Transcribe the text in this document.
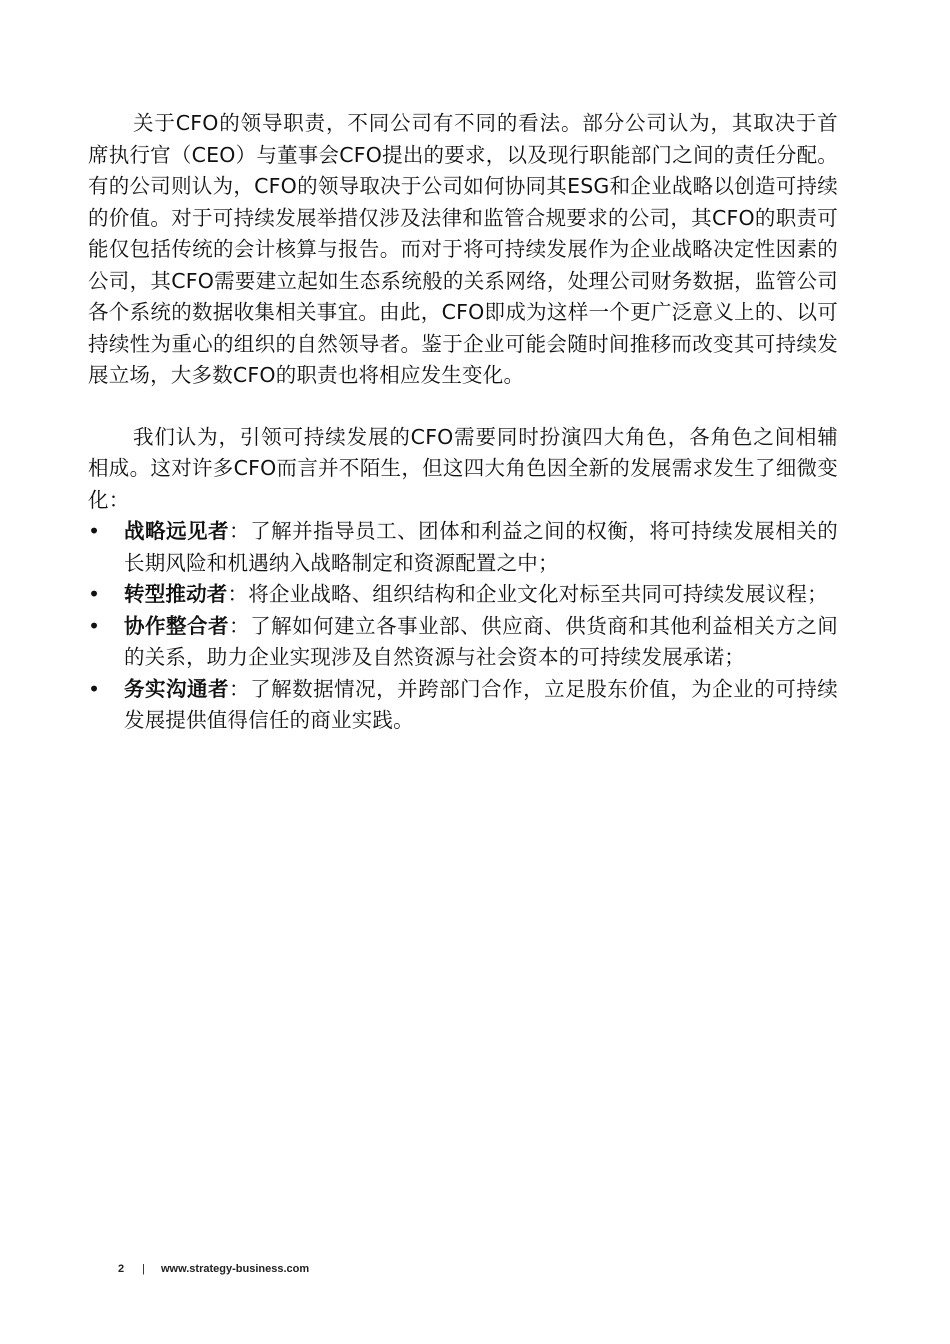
关于CFO的领导职责，不同公司有不同的看法。部分公司认为，其取决于首席执行官（CEO）与董事会CFO提出的要求，以及现行职能部门之间的责任分配。有的公司则认为，CFO的领导取决于公司如何协同其ESG和企业战略以创造可持续的价值。对于可持续发展举措仅涉及法律和监管合规要求的公司，其CFO的职责可能仅包括传统的会计核算与报告。而对于将可持续发展作为企业战略决定性因素的公司，其CFO需要建立起如生态系统般的关系网络，处理公司财务数据，监管公司各个系统的数据收集相关事宜。由此，CFO即成为这样一个更广泛意义上的、以可持续性为重心的组织的自然领导者。鉴于企业可能会随时间推移而改变其可持续发展立场，大多数CFO的职责也将相应发生变化。

我们认为，引领可持续发展的CFO需要同时扮演四大角色，各角色之间相辅相成。这对许多CFO而言并不陌生，但这四大角色因全新的发展需求发生了细微变化：

•	战略远见者：了解并指导员工、团体和利益之间的权衡，将可持续发展相关的长期风险和机遇纳入战略制定和资源配置之中；
•	转型推动者：将企业战略、组织结构和企业文化对标至共同可持续发展议程；
•	协作整合者：了解如何建立各事业部、供应商、供货商和其他利益相关方之间的关系，助力企业实现涉及自然资源与社会资本的可持续发展承诺；
•	务实沟通者：了解数据情况，并跨部门合作，立足股东价值，为企业的可持续发展提供值得信任的商业实践。
2 | www.strategy-business.com
